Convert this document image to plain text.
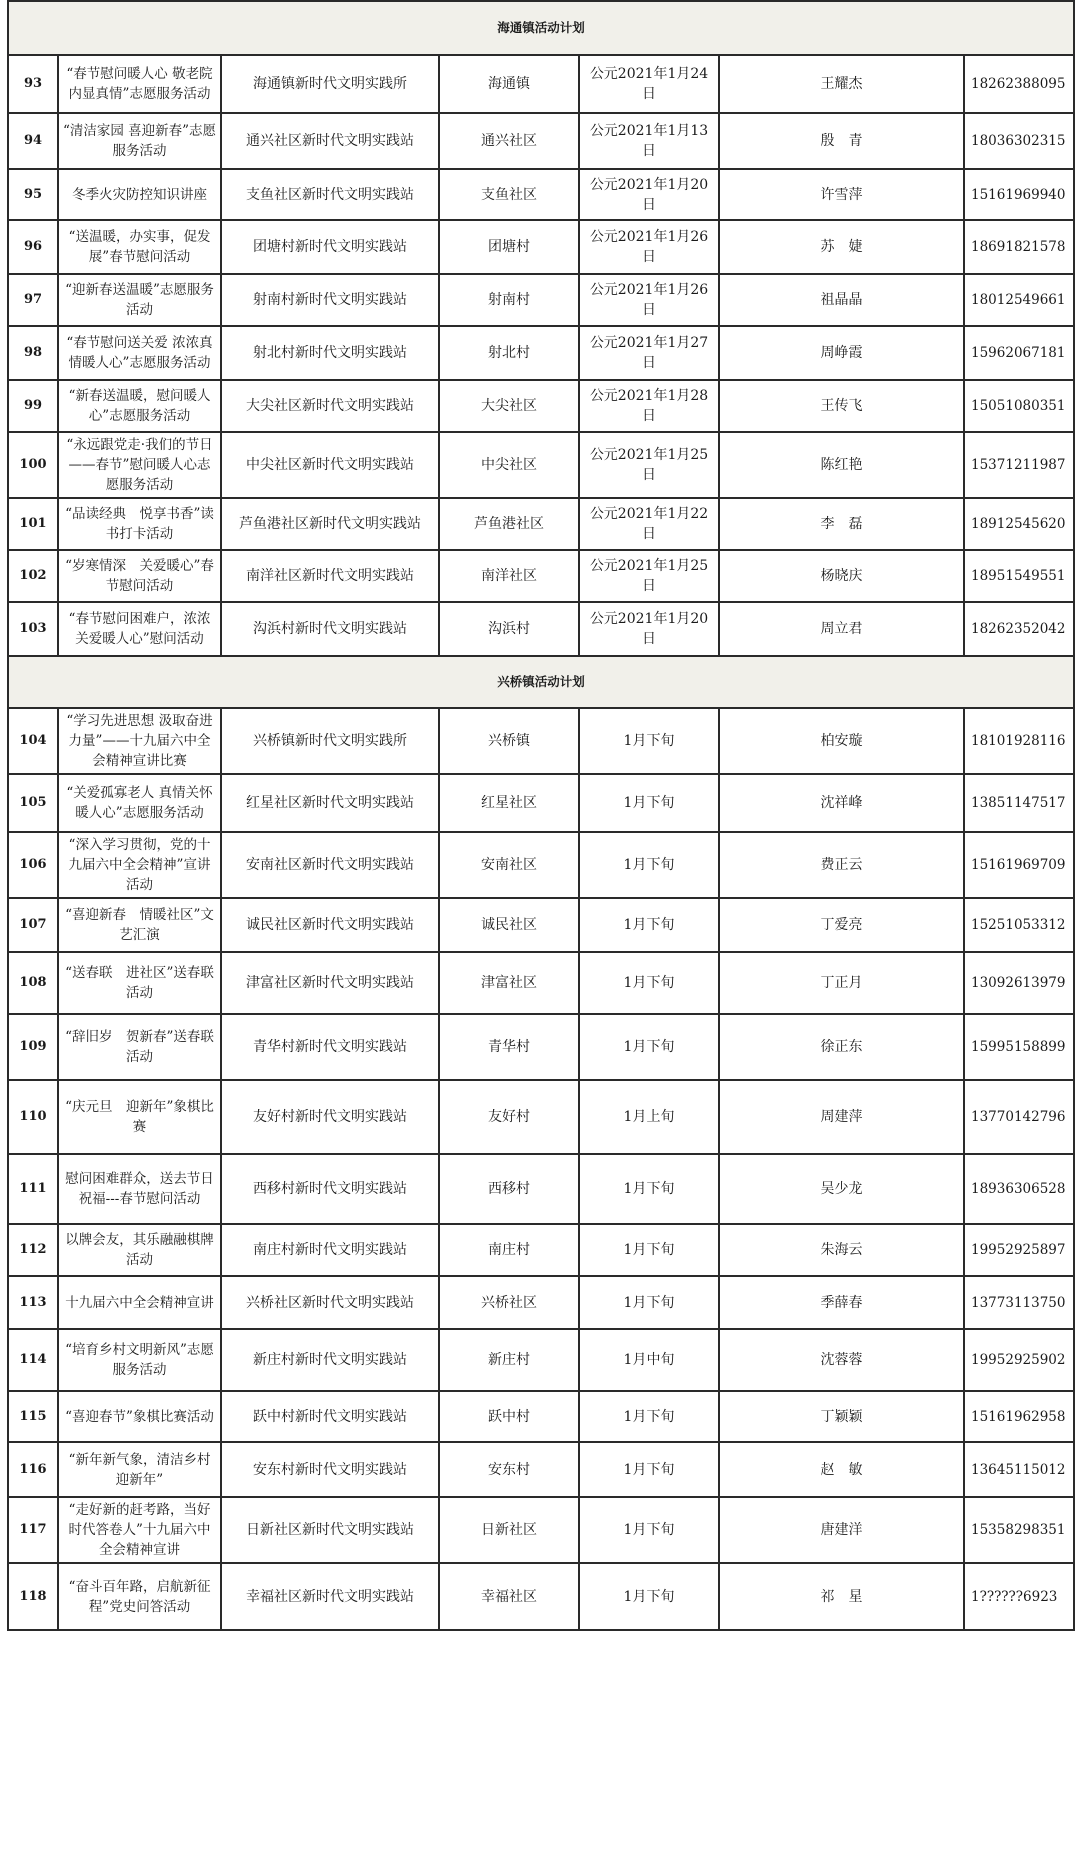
海通镇活动计划						
93	“春节慰问暖人心 敬老院内显真情”志愿服务活动	海通镇新时代文明实践所	海通镇	公元2021年1月24日	王耀杰	18262388095
94	“清洁家园 喜迎新春”志愿服务活动	通兴社区新时代文明实践站	通兴社区	公元2021年1月13日	殷　青	18036302315
95	冬季火灾防控知识讲座	支鱼社区新时代文明实践站	支鱼社区	公元2021年1月20日	许雪萍	15161969940
96	“送温暖，办实事，促发展”春节慰问活动	团塘村新时代文明实践站	团塘村	公元2021年1月26日	苏　婕	18691821578
97	“迎新春送温暖”志愿服务活动	射南村新时代文明实践站	射南村	公元2021年1月26日	祖晶晶	18012549661
98	“春节慰问送关爱 浓浓真情暖人心”志愿服务活动	射北村新时代文明实践站	射北村	公元2021年1月27日	周峥霞	15962067181
99	“新春送温暖，慰问暖人心”志愿服务活动	大尖社区新时代文明实践站	大尖社区	公元2021年1月28日	王传飞	15051080351
100	“永远跟党走·我们的节日——春节”慰问暖人心志愿服务活动	中尖社区新时代文明实践站	中尖社区	公元2021年1月25日	陈红艳	15371211987
101	“品读经典　悦享书香”读书打卡活动	芦鱼港社区新时代文明实践站	芦鱼港社区	公元2021年1月22日	李　磊	18912545620
102	“岁寒情深　关爱暖心”春节慰问活动	南洋社区新时代文明实践站	南洋社区	公元2021年1月25日	杨晓庆	18951549551
103	“春节慰问困难户，浓浓关爱暖人心”慰问活动	沟浜村新时代文明实践站	沟浜村	公元2021年1月20日	周立君	18262352042
兴桥镇活动计划						
104	“学习先进思想 汲取奋进力量”——十九届六中全会精神宣讲比赛	兴桥镇新时代文明实践所	兴桥镇	1月下旬	柏安璇	18101928116
105	“关爱孤寡老人 真情关怀暖人心”志愿服务活动	红星社区新时代文明实践站	红星社区	1月下旬	沈祥峰	13851147517
106	“深入学习贯彻，党的十九届六中全会精神”宣讲活动	安南社区新时代文明实践站	安南社区	1月下旬	费正云	15161969709
107	“喜迎新春　情暖社区”文艺汇演	诚民社区新时代文明实践站	诚民社区	1月下旬	丁爱亮	15251053312
108	“送春联　进社区”送春联活动	津富社区新时代文明实践站	津富社区	1月下旬	丁正月	13092613979
109	“辞旧岁　贺新春”送春联活动	青华村新时代文明实践站	青华村	1月下旬	徐正东	15995158899
110	“庆元旦　迎新年”象棋比赛	友好村新时代文明实践站	友好村	1月上旬	周建萍	13770142796
111	慰问困难群众，送去节日祝福---春节慰问活动	西移村新时代文明实践站	西移村	1月下旬	吴少龙	18936306528
112	以牌会友，其乐融融棋牌活动	南庄村新时代文明实践站	南庄村	1月下旬	朱海云	19952925897
113	十九届六中全会精神宣讲	兴桥社区新时代文明实践站	兴桥社区	1月下旬	季薛春	13773113750
114	“培育乡村文明新风”志愿服务活动	新庄村新时代文明实践站	新庄村	1月中旬	沈蓉蓉	19952925902
115	“喜迎春节”象棋比赛活动	跃中村新时代文明实践站	跃中村	1月下旬	丁颖颖	15161962958
116	“新年新气象，清洁乡村迎新年”	安东村新时代文明实践站	安东村	1月下旬	赵　敏	13645115012
117	“走好新的赶考路，当好时代答卷人”十九届六中全会精神宣讲	日新社区新时代文明实践站	日新社区	1月下旬	唐建洋	15358298351
118	“奋斗百年路，启航新征程”党史问答活动	幸福社区新时代文明实践站	幸福社区	1月下旬	祁　星	1??????6923
